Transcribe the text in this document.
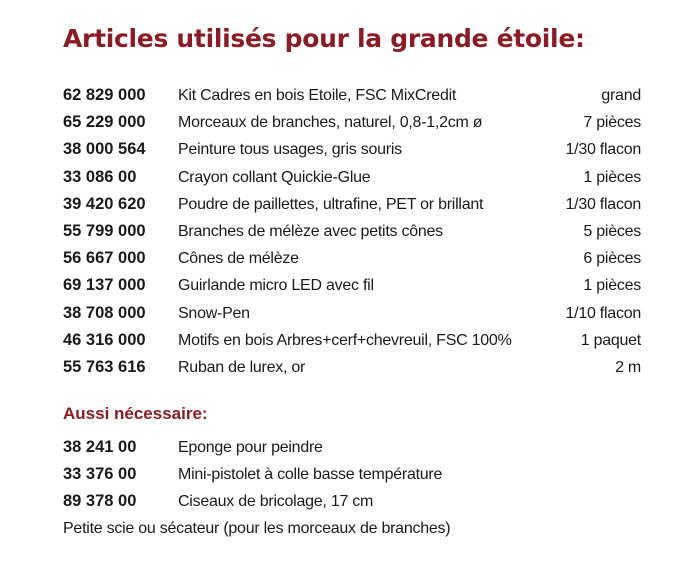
Articles utilisés pour la grande étoile:
62 829 000	Kit Cadres en bois Etoile, FSC MixCredit	grand
65 229 000	Morceaux de branches, naturel, 0,8-1,2cm ø	7 pièces
38 000 564	Peinture tous usages, gris souris	1/30 flacon
33 086 00	Crayon collant Quickie-Glue	1 pièces
39 420 620	Poudre de paillettes, ultrafine, PET or brillant	1/30 flacon
55 799 000	Branches de mélèze avec petits cônes	5 pièces
56 667 000	Cônes de mélèze	6 pièces
69 137 000	Guirlande micro LED avec fil	1 pièces
38 708 000	Snow-Pen	1/10 flacon
46 316 000	Motifs en bois Arbres+cerf+chevreuil, FSC 100%	1 paquet
55 763 616	Ruban de lurex, or	2 m
Aussi nécessaire:
38 241 00	Eponge pour peindre
33 376 00	Mini-pistolet à colle basse température
89 378 00	Ciseaux de bricolage, 17 cm
Petite scie ou sécateur (pour les morceaux de branches)
